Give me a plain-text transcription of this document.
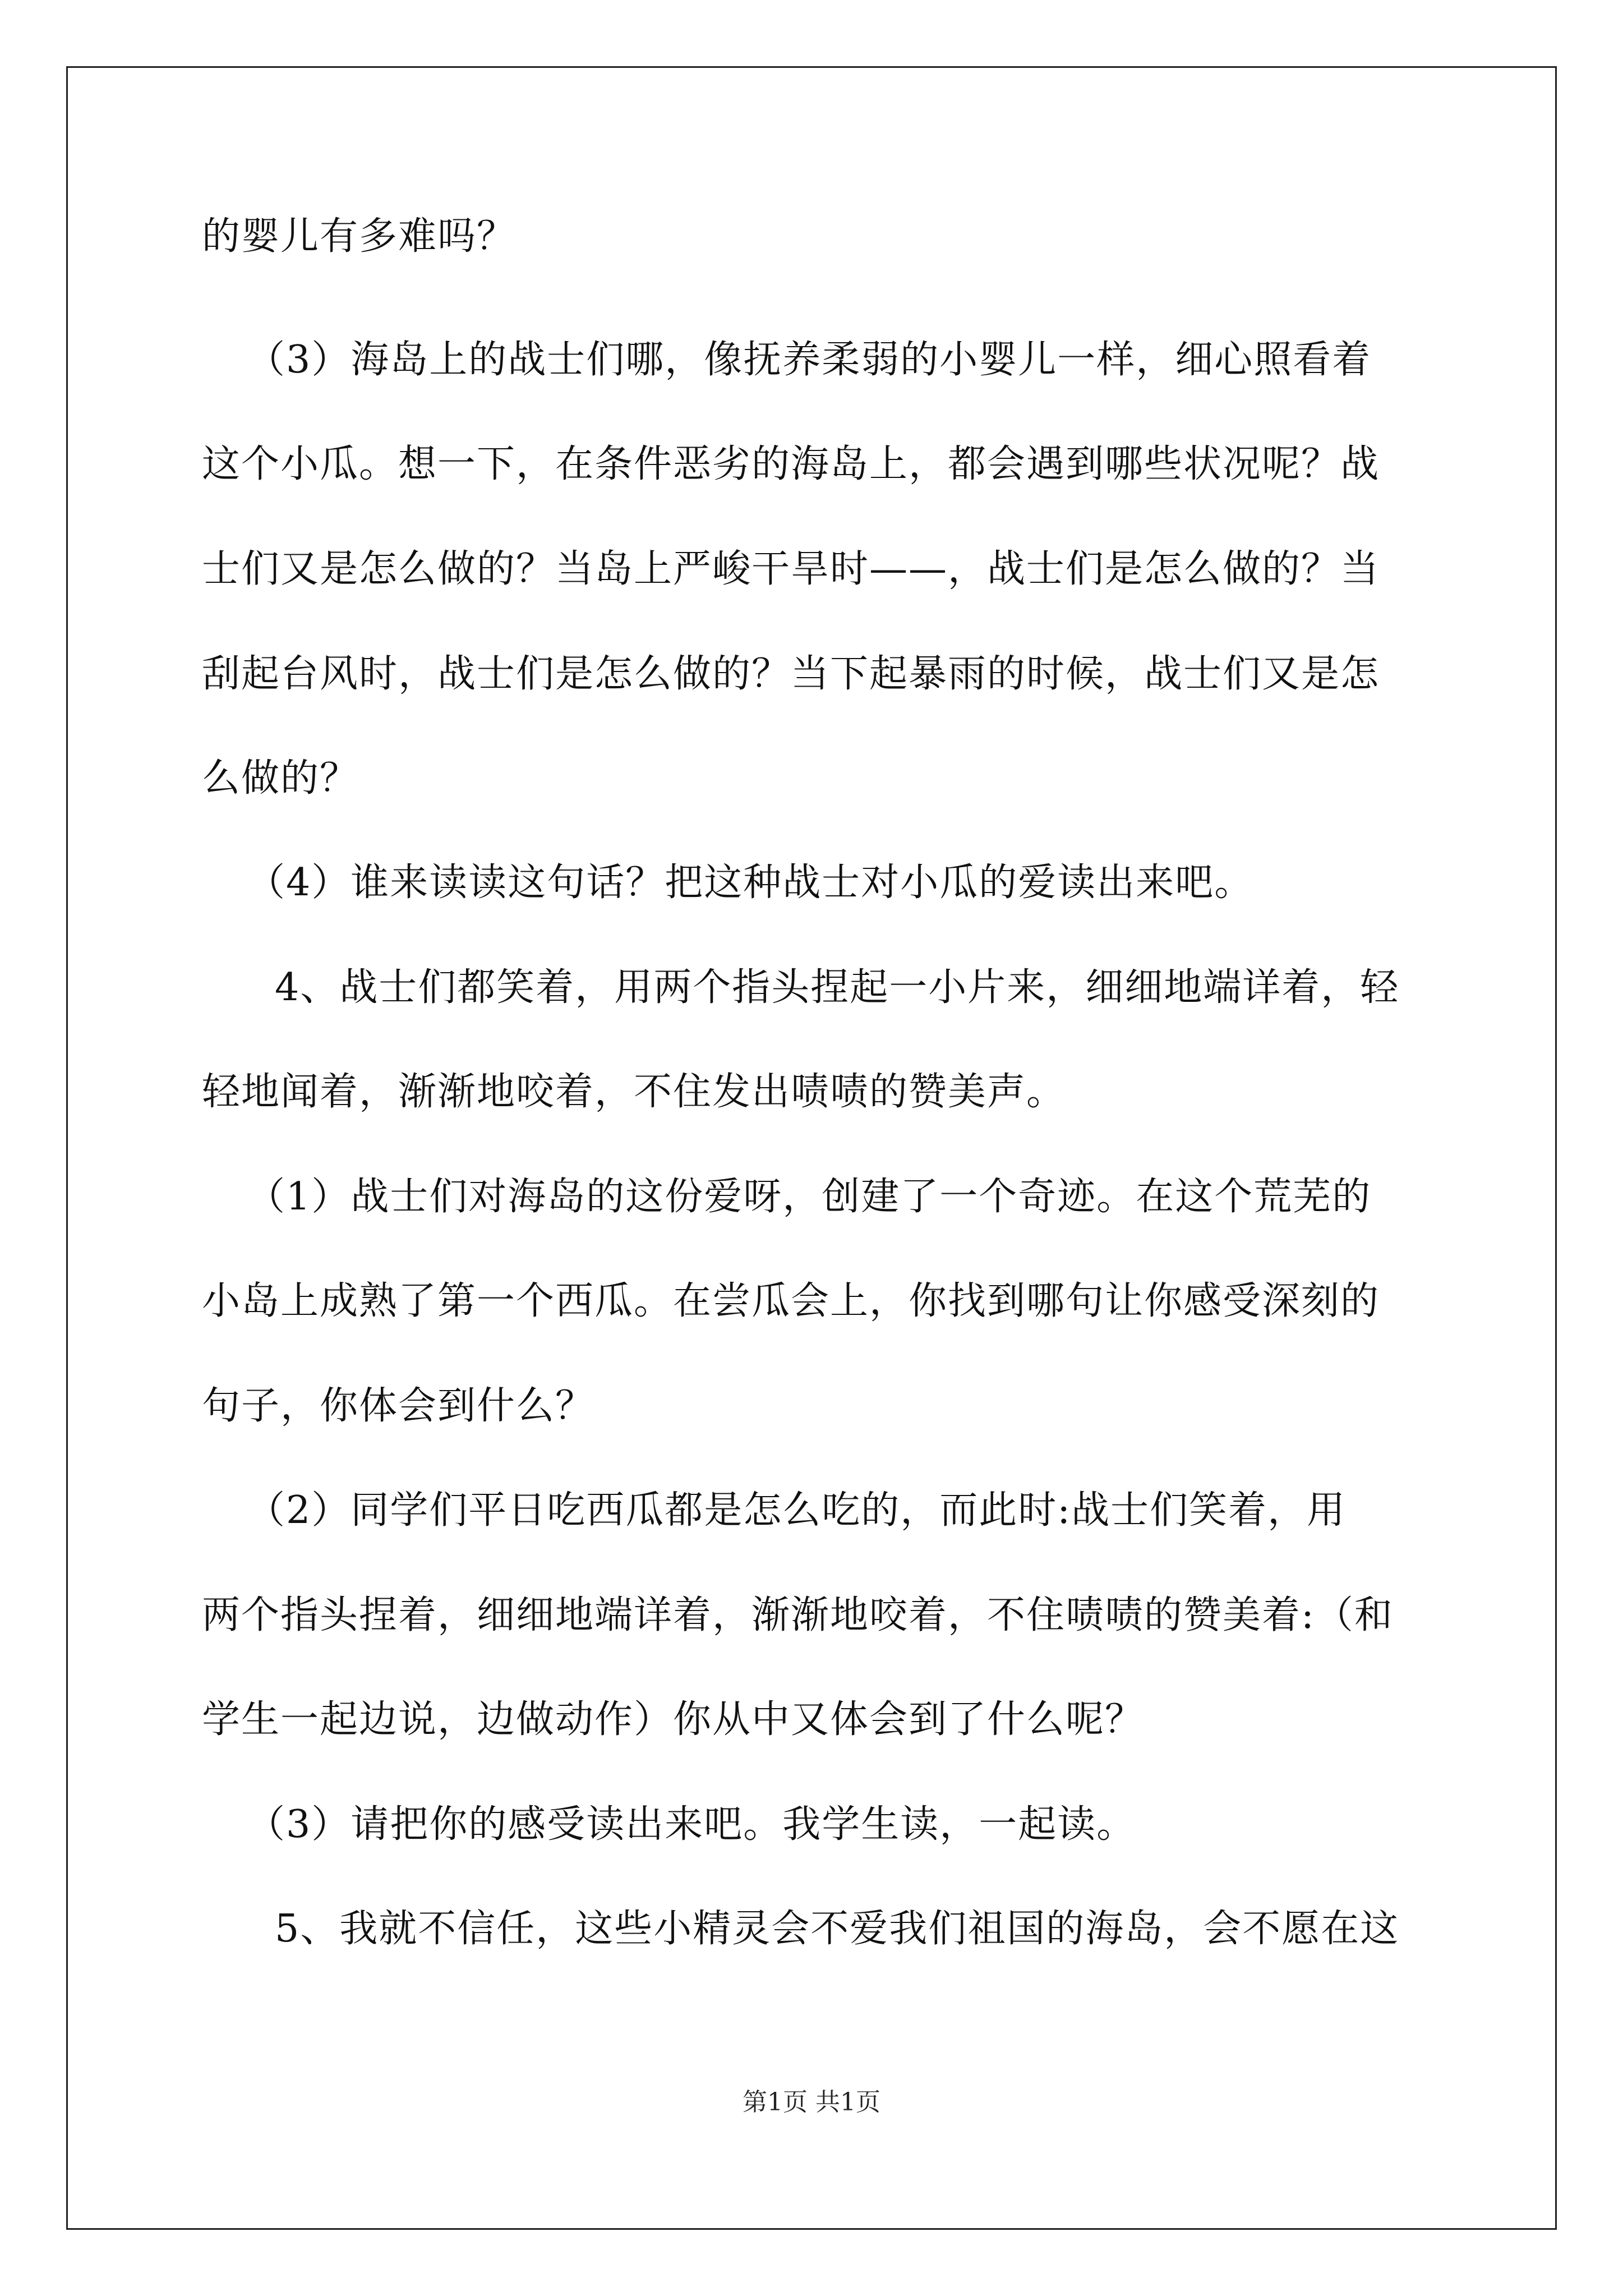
的婴儿有多难吗？
（3）海岛上的战士们哪，像抚养柔弱的小婴儿一样，细心照看着
这个小瓜。想一下，在条件恶劣的海岛上，都会遇到哪些状况呢？战
士们又是怎么做的？当岛上严峻干旱时——，战士们是怎么做的？当
刮起台风时，战士们是怎么做的？当下起暴雨的时候，战士们又是怎
么做的？
（4）谁来读读这句话？把这种战士对小瓜的爱读出来吧。
4、战士们都笑着，用两个指头捏起一小片来，细细地端详着，轻
轻地闻着，渐渐地咬着，不住发出啧啧的赞美声。
（1）战士们对海岛的这份爱呀，创建了一个奇迹。在这个荒芜的
小岛上成熟了第一个西瓜。在尝瓜会上，你找到哪句让你感受深刻的
句子，你体会到什么？
（2）同学们平日吃西瓜都是怎么吃的，而此时:战士们笑着，用
两个指头捏着，细细地端详着，渐渐地咬着，不住啧啧的赞美着:（和
学生一起边说，边做动作）你从中又体会到了什么呢？
（3）请把你的感受读出来吧。我学生读，一起读。
5、我就不信任，这些小精灵会不爱我们祖国的海岛，会不愿在这
第1页 共1页
